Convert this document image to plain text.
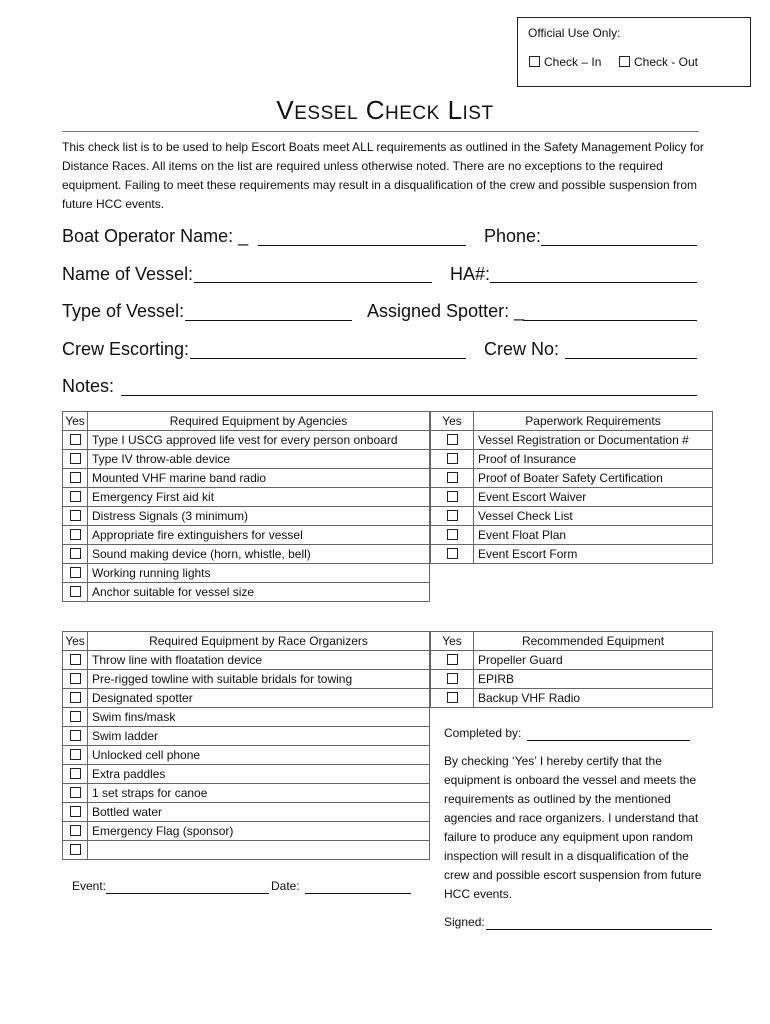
Official Use Only:
Check – In	Check - Out
VESSEL CHECK LIST
This check list is to be used to help Escort Boats meet ALL requirements as outlined in the Safety Management Policy for Distance Races. All items on the list are required unless otherwise noted. There are no exceptions to the required equipment. Failing to meet these requirements may result in a disqualification of the crew and possible suspension from future HCC events.
Boat Operator Name: _	Phone:
Name of Vessel:	HA#:
Type of Vessel:	Assigned Spotter: _
Crew Escorting:	Crew No:
Notes:
Yes	Required Equipment by Agencies
	Type I USCG approved life vest for every person onboard
	Type IV throw-able device
	Mounted VHF marine band radio
	Emergency First aid kit
	Distress Signals (3 minimum)
	Appropriate fire extinguishers for vessel
	Sound making device (horn, whistle, bell)
	Working running lights
	Anchor suitable for vessel size
Yes	Paperwork Requirements
	Vessel Registration or Documentation #
	Proof of Insurance
	Proof of Boater Safety Certification
	Event Escort Waiver
	Vessel Check List
	Event Float Plan
	Event Escort Form
Yes	Required Equipment by Race Organizers
	Throw line with floatation device
	Pre-rigged towline with suitable bridals for towing
	Designated spotter
	Swim fins/mask
	Swim ladder
	Unlocked cell phone
	Extra paddles
	1 set straps for canoe
	Bottled water
	Emergency Flag (sponsor)

Yes	Recommended Equipment
	Propeller Guard
	EPIRB
	Backup VHF Radio
Completed by:
By checking ‘Yes’ I hereby certify that the equipment is onboard the vessel and meets the requirements as outlined by the mentioned agencies and race organizers. I understand that failure to produce any equipment upon random inspection will result in a disqualification of the crew and possible escort suspension from future HCC events.
Signed:
Event:	Date:
